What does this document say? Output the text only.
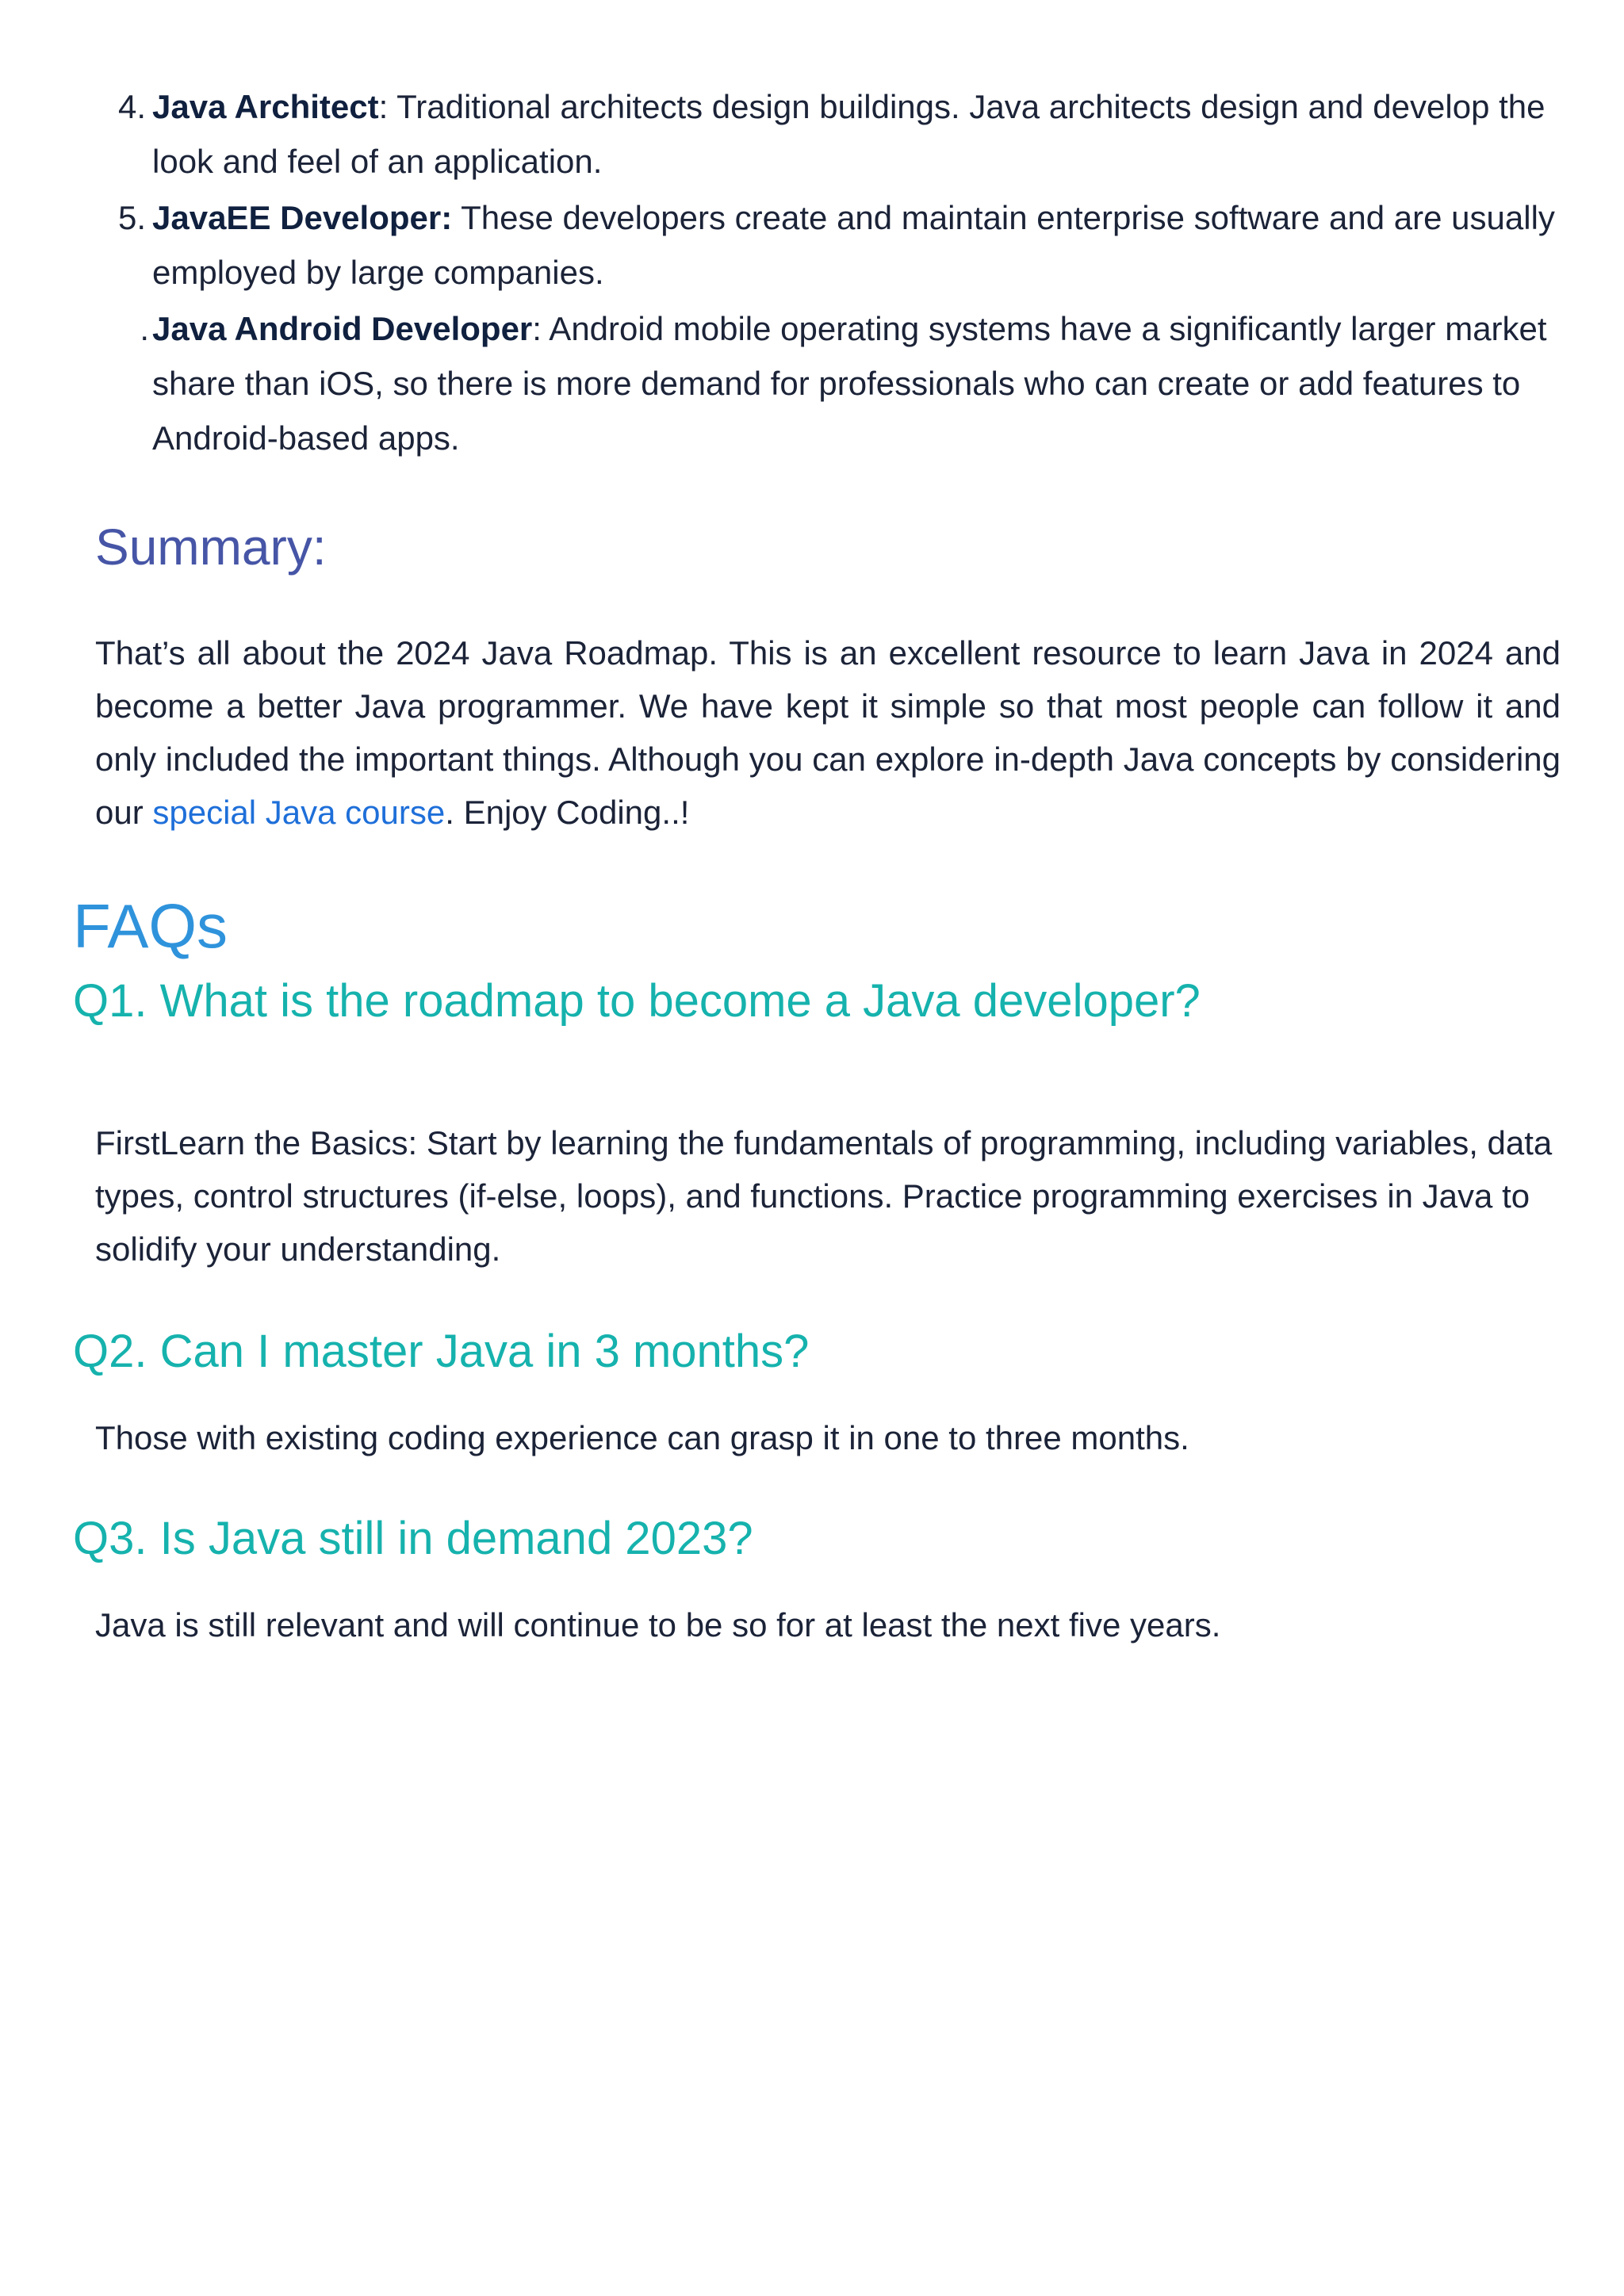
4. Java Architect: Traditional architects design buildings. Java architects design and develop the look and feel of an application.
5. JavaEE Developer: These developers create and maintain enterprise software and are usually employed by large companies.
. Java Android Developer: Android mobile operating systems have a significantly larger market share than iOS, so there is more demand for professionals who can create or add features to Android-based apps.
Summary:

That’s all about the 2024 Java Roadmap. This is an excellent resource to learn Java in 2024 and become a better Java programmer. We have kept it simple so that most people can follow it and only included the important things. Although you can explore in-depth Java concepts by considering our special Java course. Enjoy Coding..!

FAQs
Q1. What is the roadmap to become a Java developer?

FirstLearn the Basics: Start by learning the fundamentals of programming, including variables, data types, control structures (if-else, loops), and functions. Practice programming exercises in Java to solidify your understanding.

Q2. Can I master Java in 3 months?

Those with existing coding experience can grasp it in one to three months.

Q3. Is Java still in demand 2023?

Java is still relevant and will continue to be so for at least the next five years.
